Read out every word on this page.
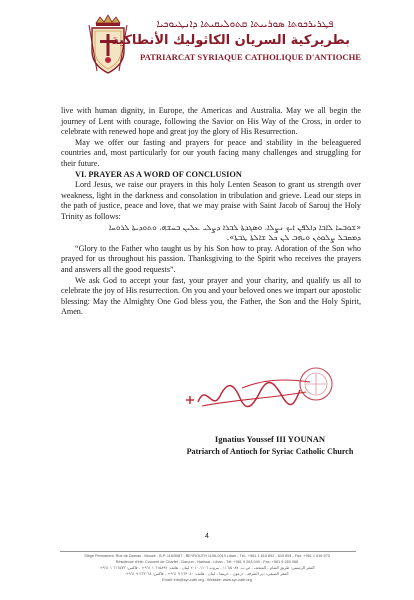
ܦܛܪܝܪܟܘܬܐ ܣܘܪܝܝܬܐ ܩܬܘܠܝܩܝܬܐ ܕܐܢܛܝܘܟܝܐ
بطريركية السريان الكاثوليك الأنطاكية
PATRIARCAT SYRIAQUE CATHOLIQUE D'ANTIOCHE

live with human dignity, in Europe, the Americas and Australia. May we all begin the journey of Lent with courage, following the Savior on His Way of the Cross, in order to celebrate with renewed hope and great joy the glory of His Resurrection.

May we offer our fasting and prayers for peace and stability in the beleaguered countries and, most particularly for our youth facing many challenges and struggling for their future.

VI. PRAYER AS A WORD OF CONCLUSION

Lord Jesus, we raise our prayers in this holy Lenten Season to grant us strength over weakness, light in the darkness and consolation in tribulation and grieve. Lead our steps in the path of justice, peace and love, that we may praise with Saint Jacob of Sarouj the Holy Trinity as follows:

«ܫܘܒܚܐ ܠܐܒܐ ܕܐܠܦܢ ܐܝܟ ܢܨܠܐ، ܘܣܓܕܬܐ ܠܒܪܐ ܕܨܠܝ ܥܠܝܢ ܒܚܫܗ، ܘܬܘܕܝܬܐ ܠܪܘܚܐ

ܕܡܩܒܠ ܨܠܘܬܢ ܘܝܗܒ ܠܢ ܟܠ ܫܐܠܬܐ ܛܒܬܐ».

“Glory to the Father who taught us by his Son how to pray. Adoration of the Son who prayed for us throughout his passion. Thanksgiving to the Spirit who receives the prayers and answers all the good requests”.

We ask God to accept your fast, your prayer and your charity, and qualify us all to celebrate the joy of His resurrection. On you and your beloved ones we impart our apostolic blessing: May the Almighty One God bless you, the Father, the Son and the Holy Spirit, Amen.

Ignatius Youssef III YOUNAN
Patriarch of Antioch for Syriac Catholic Church
4
Siège Permanent: Rue de Damas - Mouzé - B.P. 116/5087 - BEYROUTH 1106-2010 Liban - Tél.: +961 1 615 892 - 615 894 - Fax: +961 1 616 573
Résidence d'été: Couvent de Charfet - Daroun - Harissa - Liban - Tél: +961 9 263 040 - Fax: +961 9 263 068
المقر الرئيسي: طريق الشام - المتحف - ص.ب. ١١٦/٥٠٨٧ - بيروت ١١٠٦-٢٠١٠ لبنان - هاتف: ٦١٥٨٩٢ ١ ٩٦١+ - فاكس: ٦١٦٥٧٣ ١ ٩٦١+
المقر الصيفي: دير الشرفة - درعون - حريصا - لبنان - هاتف: ٢٦٣٠٤٠ ٩ ٩٦١+ - فاكس: ٢٦٣٠٦٨ ٩ ٩٦١+
Email: info@syr-cath.org - Website: www.syr-cath.org
